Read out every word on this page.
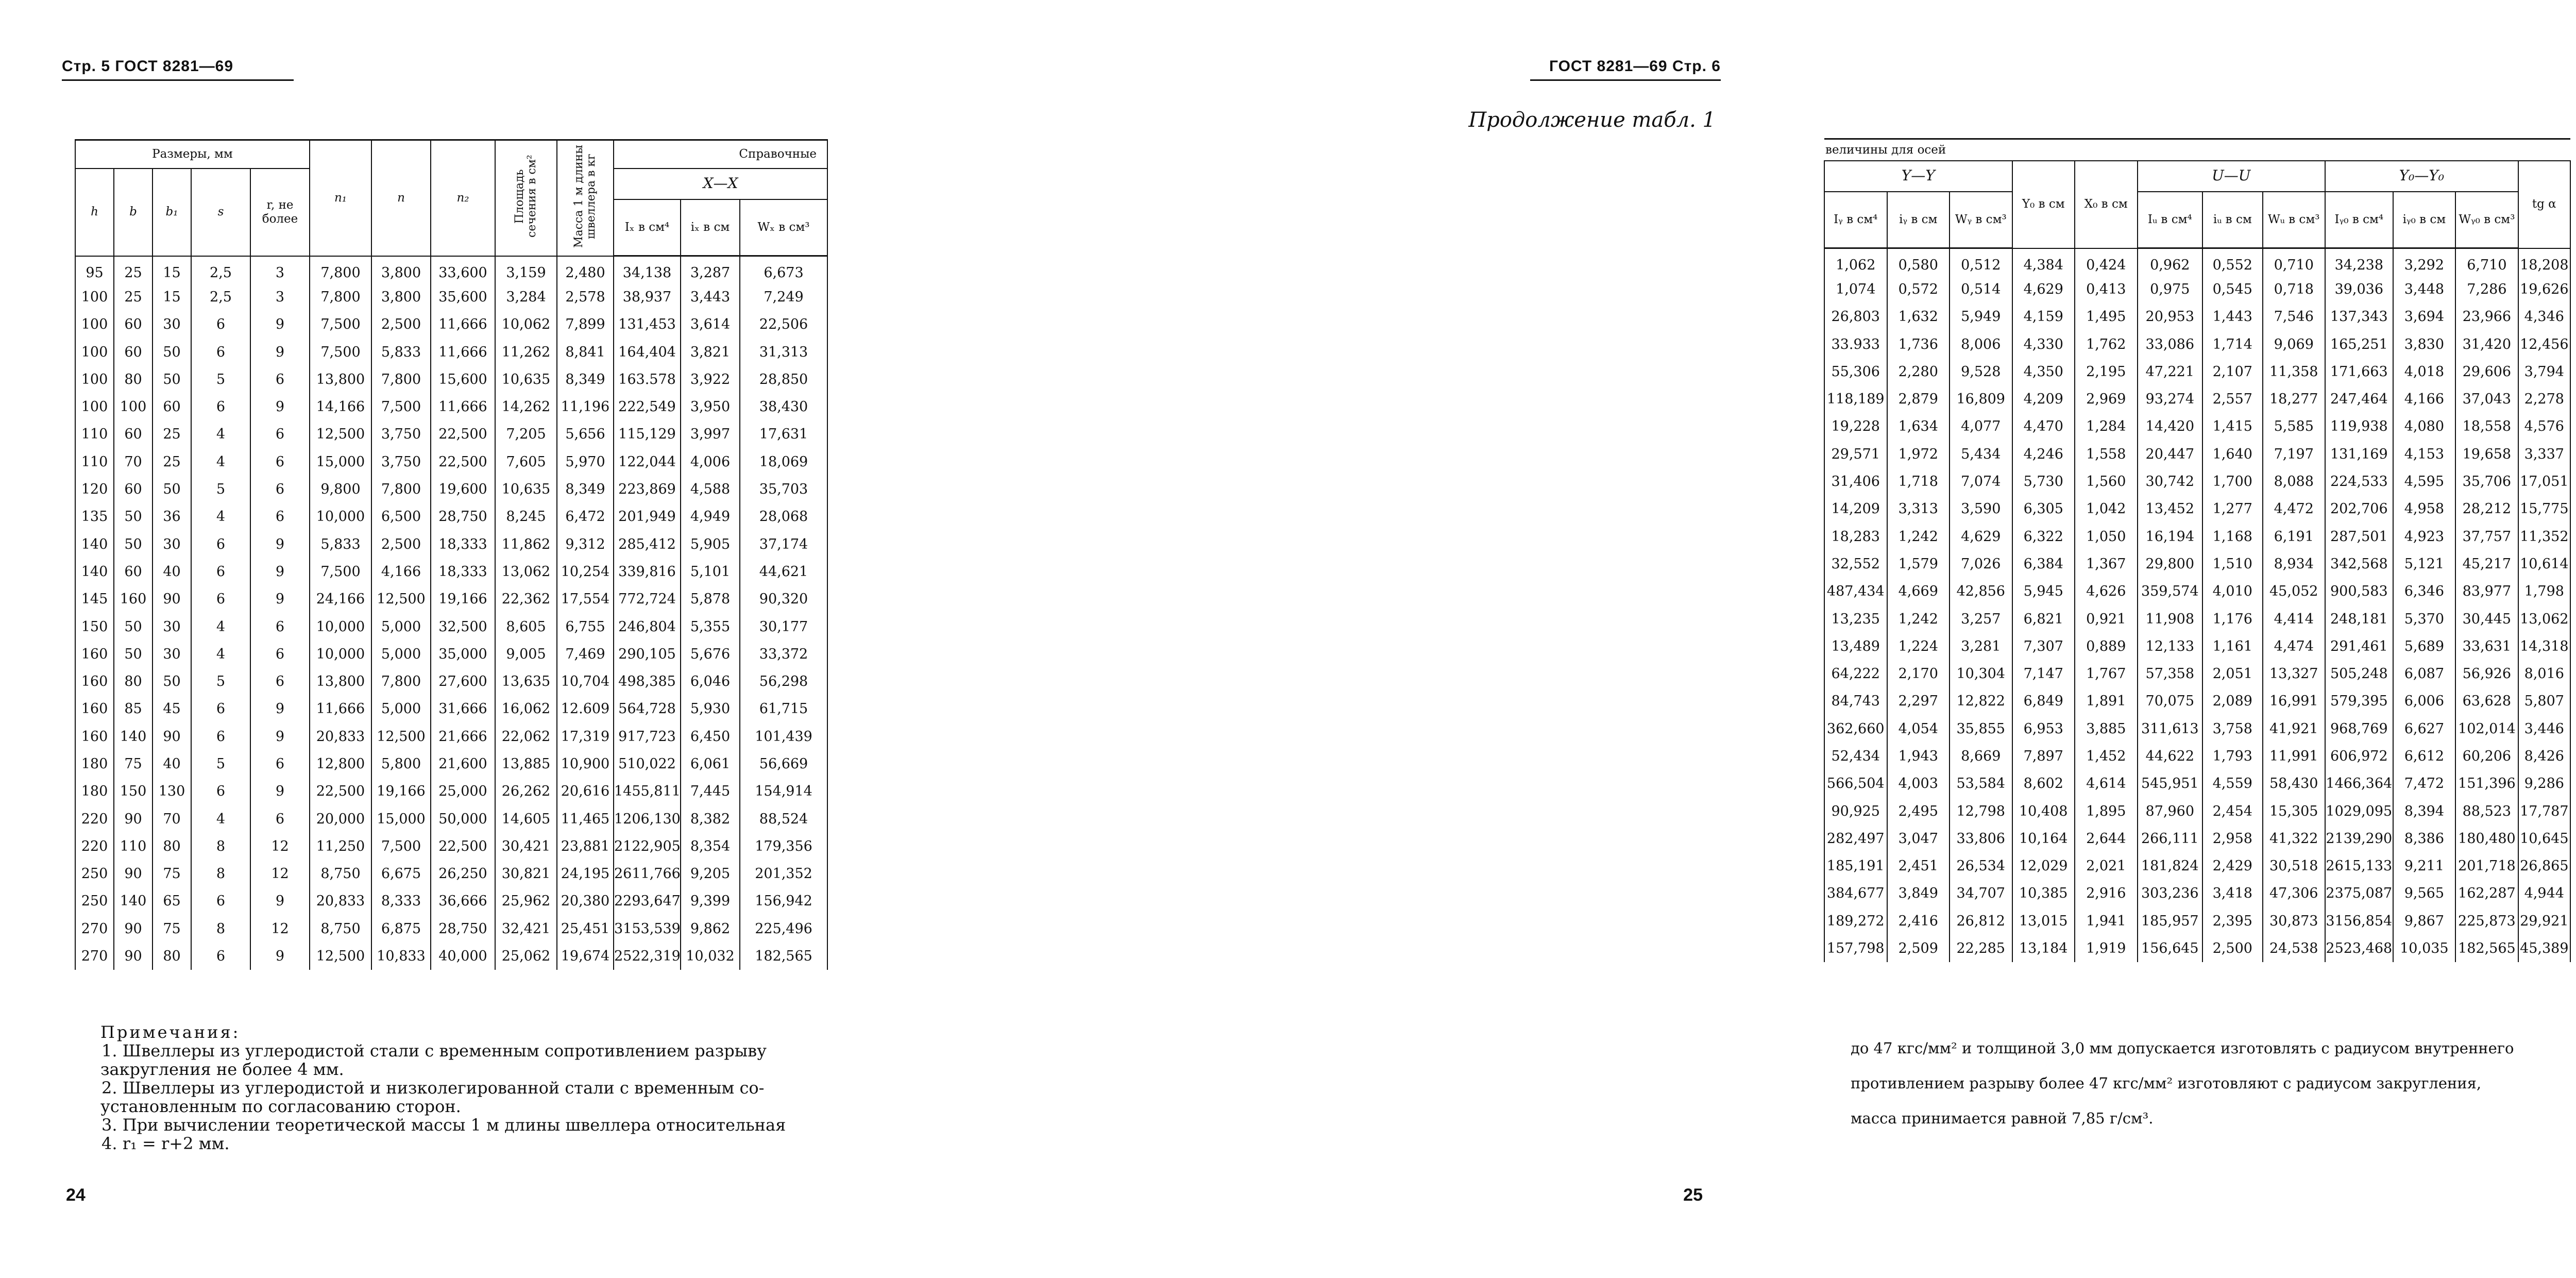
Стр. 5 ГОСТ 8281—69
Размеры, мм					n₁	n	n₂	Площадь сечения в см²	Масса 1 м длины швеллера в кг	Справочные		
h	b	b₁	s	r, не более						X—X		
										Iₓ в см⁴	iₓ в см	Wₓ в см³
95	25	15	2,5	3	7,800	3,800	33,600	3,159	2,480	34,138	3,287	6,673
100	25	15	2,5	3	7,800	3,800	35,600	3,284	2,578	38,937	3,443	7,249
100	60	30	6	9	7,500	2,500	11,666	10,062	7,899	131,453	3,614	22,506
100	60	50	6	9	7,500	5,833	11,666	11,262	8,841	164,404	3,821	31,313
100	80	50	5	6	13,800	7,800	15,600	10,635	8,349	163.578	3,922	28,850
100	100	60	6	9	14,166	7,500	11,666	14,262	11,196	222,549	3,950	38,430
110	60	25	4	6	12,500	3,750	22,500	7,205	5,656	115,129	3,997	17,631
110	70	25	4	6	15,000	3,750	22,500	7,605	5,970	122,044	4,006	18,069
120	60	50	5	6	9,800	7,800	19,600	10,635	8,349	223,869	4,588	35,703
135	50	36	4	6	10,000	6,500	28,750	8,245	6,472	201,949	4,949	28,068
140	50	30	6	9	5,833	2,500	18,333	11,862	9,312	285,412	5,905	37,174
140	60	40	6	9	7,500	4,166	18,333	13,062	10,254	339,816	5,101	44,621
145	160	90	6	9	24,166	12,500	19,166	22,362	17,554	772,724	5,878	90,320
150	50	30	4	6	10,000	5,000	32,500	8,605	6,755	246,804	5,355	30,177
160	50	30	4	6	10,000	5,000	35,000	9,005	7,469	290,105	5,676	33,372
160	80	50	5	6	13,800	7,800	27,600	13,635	10,704	498,385	6,046	56,298
160	85	45	6	9	11,666	5,000	31,666	16,062	12.609	564,728	5,930	61,715
160	140	90	6	9	20,833	12,500	21,666	22,062	17,319	917,723	6,450	101,439
180	75	40	5	6	12,800	5,800	21,600	13,885	10,900	510,022	6,061	56,669
180	150	130	6	9	22,500	19,166	25,000	26,262	20,616	1455,811	7,445	154,914
220	90	70	4	6	20,000	15,000	50,000	14,605	11,465	1206,130	8,382	88,524
220	110	80	8	12	11,250	7,500	22,500	30,421	23,881	2122,905	8,354	179,356
250	90	75	8	12	8,750	6,675	26,250	30,821	24,195	2611,766	9,205	201,352
250	140	65	6	9	20,833	8,333	36,666	25,962	20,380	2293,647	9,399	156,942
270	90	75	8	12	8,750	6,875	28,750	32,421	25,451	3153,539	9,862	225,496
270	90	80	6	9	12,500	10,833	40,000	25,062	19,674	2522,319	10,032	182,565

Примечания:

1. Швеллеры из углеродистой стали с временным сопротивлением разрыву

закругления не более 4 мм.

2. Швеллеры из углеродистой и низколегированной стали с временным со-

установленным по согласованию сторон.

3. При вычислении теоретической массы 1 м длины швеллера относительная

4. r₁ = r+2 мм.

24
ГОСТ 8281—69 Стр. 6
Продолжение табл. 1
величины для осей											
Y—Y			Y₀ в см	X₀ в см	U—U			Y₀—Y₀			tg α
Iᵧ в см⁴	iᵧ в см	Wᵧ в см³			Iᵤ в см⁴	iᵤ в см	Wᵤ в см³	Iᵧ₀ в см⁴	iᵧ₀ в см	Wᵧ₀ в см³	
1,062	0,580	0,512	4,384	0,424	0,962	0,552	0,710	34,238	3,292	6,710	18,208
1,074	0,572	0,514	4,629	0,413	0,975	0,545	0,718	39,036	3,448	7,286	19,626
26,803	1,632	5,949	4,159	1,495	20,953	1,443	7,546	137,343	3,694	23,966	4,346
33.933	1,736	8,006	4,330	1,762	33,086	1,714	9,069	165,251	3,830	31,420	12,456
55,306	2,280	9,528	4,350	2,195	47,221	2,107	11,358	171,663	4,018	29,606	3,794
118,189	2,879	16,809	4,209	2,969	93,274	2,557	18,277	247,464	4,166	37,043	2,278
19,228	1,634	4,077	4,470	1,284	14,420	1,415	5,585	119,938	4,080	18,558	4,576
29,571	1,972	5,434	4,246	1,558	20,447	1,640	7,197	131,169	4,153	19,658	3,337
31,406	1,718	7,074	5,730	1,560	30,742	1,700	8,088	224,533	4,595	35,706	17,051
14,209	3,313	3,590	6,305	1,042	13,452	1,277	4,472	202,706	4,958	28,212	15,775
18,283	1,242	4,629	6,322	1,050	16,194	1,168	6,191	287,501	4,923	37,757	11,352
32,552	1,579	7,026	6,384	1,367	29,800	1,510	8,934	342,568	5,121	45,217	10,614
487,434	4,669	42,856	5,945	4,626	359,574	4,010	45,052	900,583	6,346	83,977	1,798
13,235	1,242	3,257	6,821	0,921	11,908	1,176	4,414	248,181	5,370	30,445	13,062
13,489	1,224	3,281	7,307	0,889	12,133	1,161	4,474	291,461	5,689	33,631	14,318
64,222	2,170	10,304	7,147	1,767	57,358	2,051	13,327	505,248	6,087	56,926	8,016
84,743	2,297	12,822	6,849	1,891	70,075	2,089	16,991	579,395	6,006	63,628	5,807
362,660	4,054	35,855	6,953	3,885	311,613	3,758	41,921	968,769	6,627	102,014	3,446
52,434	1,943	8,669	7,897	1,452	44,622	1,793	11,991	606,972	6,612	60,206	8,426
566,504	4,003	53,584	8,602	4,614	545,951	4,559	58,430	1466,364	7,472	151,396	9,286
90,925	2,495	12,798	10,408	1,895	87,960	2,454	15,305	1029,095	8,394	88,523	17,787
282,497	3,047	33,806	10,164	2,644	266,111	2,958	41,322	2139,290	8,386	180,480	10,645
185,191	2,451	26,534	12,029	2,021	181,824	2,429	30,518	2615,133	9,211	201,718	26,865
384,677	3,849	34,707	10,385	2,916	303,236	3,418	47,306	2375,087	9,565	162,287	4,944
189,272	2,416	26,812	13,015	1,941	185,957	2,395	30,873	3156,854	9,867	225,873	29,921
157,798	2,509	22,285	13,184	1,919	156,645	2,500	24,538	2523,468	10,035	182,565	45,389

до 47 кгс/мм² и толщиной 3,0 мм допускается изготовлять с радиусом внутреннего

противлением разрыву более 47 кгс/мм² изготовляют с радиусом закругления,

масса принимается равной 7,85 г/см³.

25
